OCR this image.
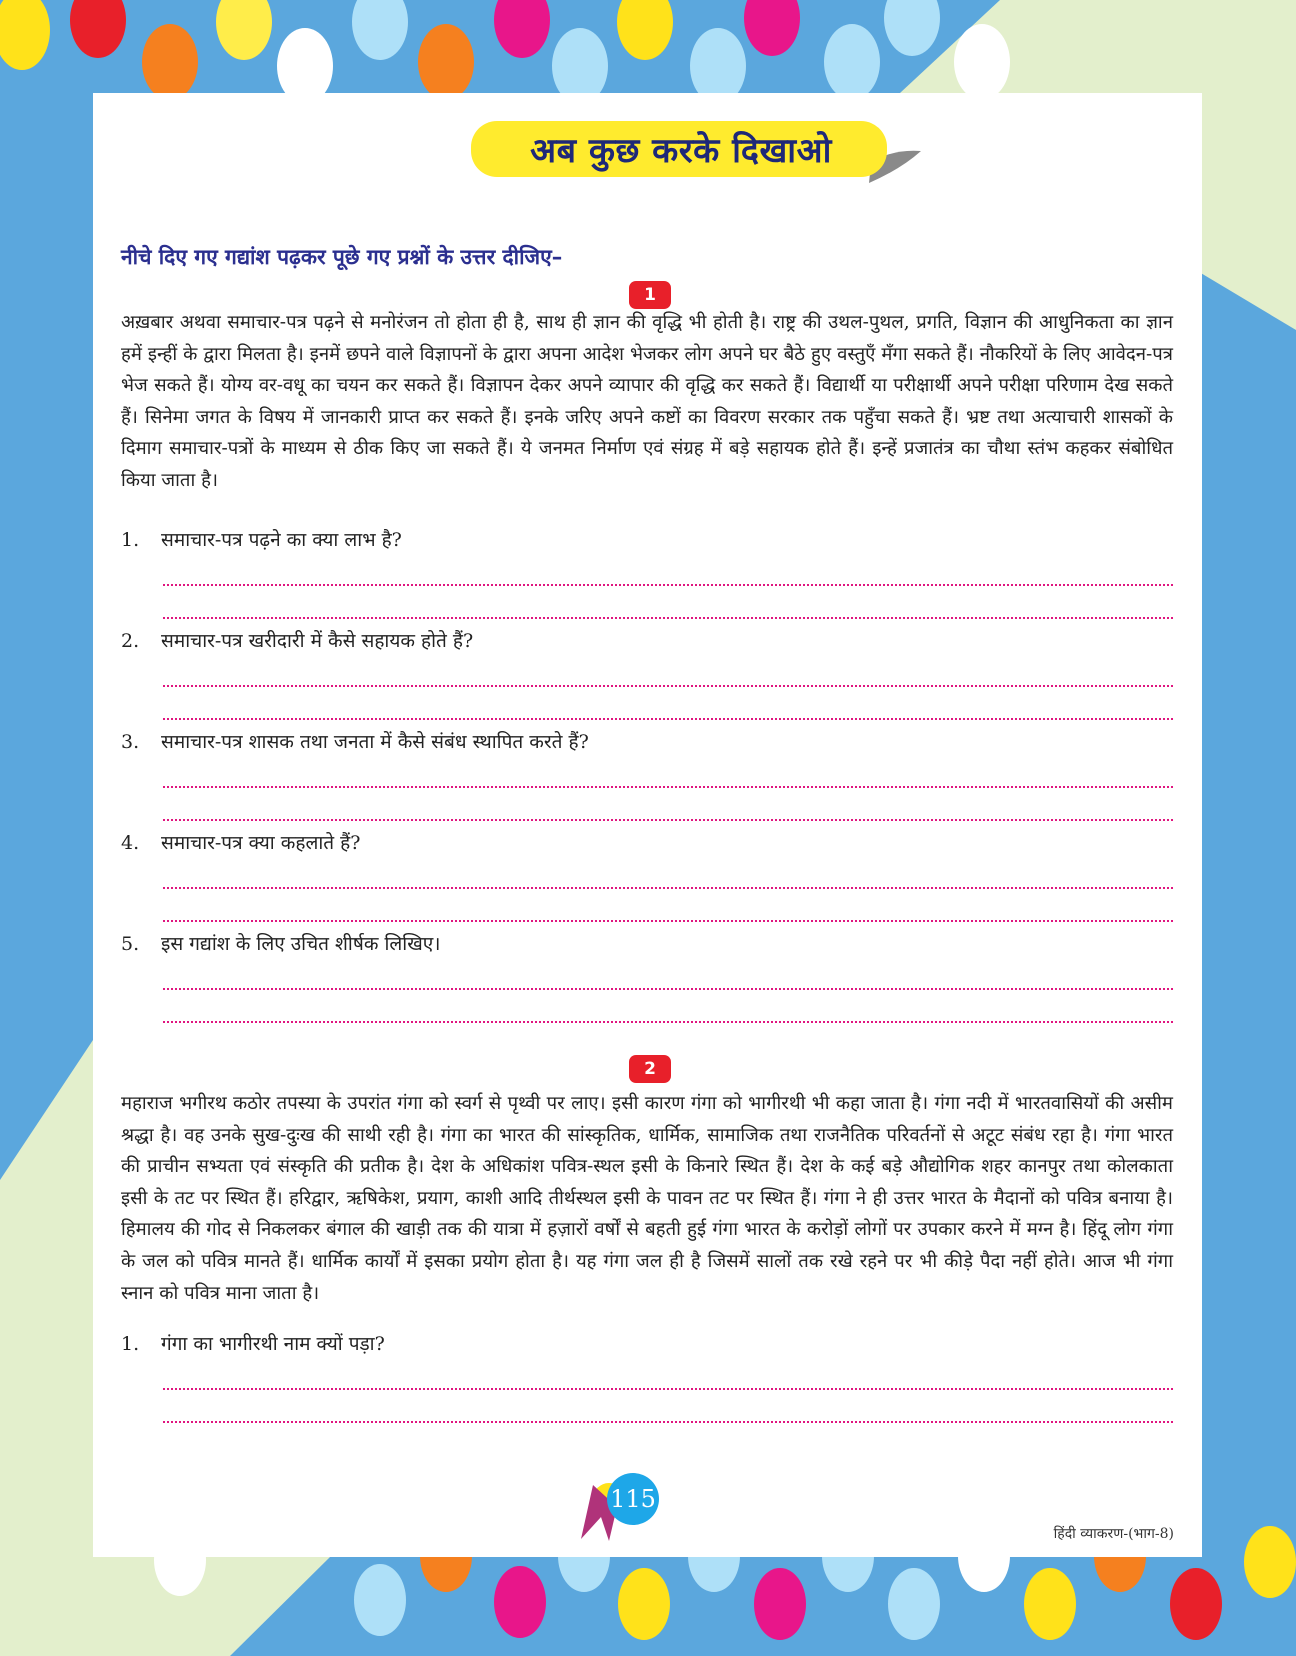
अब कुछ करके दिखाओ
नीचे दिए गए गद्यांश पढ़कर पूछे गए प्रश्नों के उत्तर दीजिए–
1

अख़बार अथवा समाचार-पत्र पढ़ने से मनोरंजन तो होता ही है, साथ ही ज्ञान की वृद्धि भी होती है। राष्ट्र की उथल-पुथल, प्रगति, विज्ञान की आधुनिकता का ज्ञान हमें इन्हीं के द्वारा मिलता है। इनमें छपने वाले विज्ञापनों के द्वारा अपना आदेश भेजकर लोग अपने घर बैठे हुए वस्तुएँ मँगा सकते हैं। नौकरियों के लिए आवेदन-पत्र भेज सकते हैं। योग्य वर-वधू का चयन कर सकते हैं। विज्ञापन देकर अपने व्यापार की वृद्धि कर सकते हैं। विद्यार्थी या परीक्षार्थी अपने परीक्षा परिणाम देख सकते हैं। सिनेमा जगत के विषय में जानकारी प्राप्त कर सकते हैं। इनके जरिए अपने कष्टों का विवरण सरकार तक पहुँचा सकते हैं। भ्रष्ट तथा अत्याचारी शासकों के दिमाग समाचार-पत्रों के माध्यम से ठीक किए जा सकते हैं। ये जनमत निर्माण एवं संग्रह में बड़े सहायक होते हैं। इन्हें प्रजातंत्र का चौथा स्तंभ कहकर संबोधित किया जाता है।

1. समाचार-पत्र पढ़ने का क्या लाभ है?
2. समाचार-पत्र खरीदारी में कैसे सहायक होते हैं?
3. समाचार-पत्र शासक तथा जनता में कैसे संबंध स्थापित करते हैं?
4. समाचार-पत्र क्या कहलाते हैं?
5. इस गद्यांश के लिए उचित शीर्षक लिखिए।
2

महाराज भगीरथ कठोर तपस्या के उपरांत गंगा को स्वर्ग से पृथ्वी पर लाए। इसी कारण गंगा को भागीरथी भी कहा जाता है। गंगा नदी में भारतवासियों की असीम श्रद्धा है। वह उनके सुख-दुःख की साथी रही है। गंगा का भारत की सांस्कृतिक, धार्मिक, सामाजिक तथा राजनैतिक परिवर्तनों से अटूट संबंध रहा है। गंगा भारत की प्राचीन सभ्यता एवं संस्कृति की प्रतीक है। देश के अधिकांश पवित्र-स्थल इसी के किनारे स्थित हैं। देश के कई बड़े औद्योगिक शहर कानपुर तथा कोलकाता इसी के तट पर स्थित हैं। हरिद्वार, ऋषिकेश, प्रयाग, काशी आदि तीर्थस्थल इसी के पावन तट पर स्थित हैं। गंगा ने ही उत्तर भारत के मैदानों को पवित्र बनाया है। हिमालय की गोद से निकलकर बंगाल की खाड़ी तक की यात्रा में हज़ारों वर्षों से बहती हुई गंगा भारत के करोड़ों लोगों पर उपकार करने में मग्न है। हिंदू लोग गंगा के जल को पवित्र मानते हैं। धार्मिक कार्यों में इसका प्रयोग होता है। यह गंगा जल ही है जिसमें सालों तक रखे रहने पर भी कीड़े पैदा नहीं होते। आज भी गंगा स्नान को पवित्र माना जाता है।

1. गंगा का भागीरथी नाम क्यों पड़ा?
115
हिंदी व्याकरण-(भाग-8)
